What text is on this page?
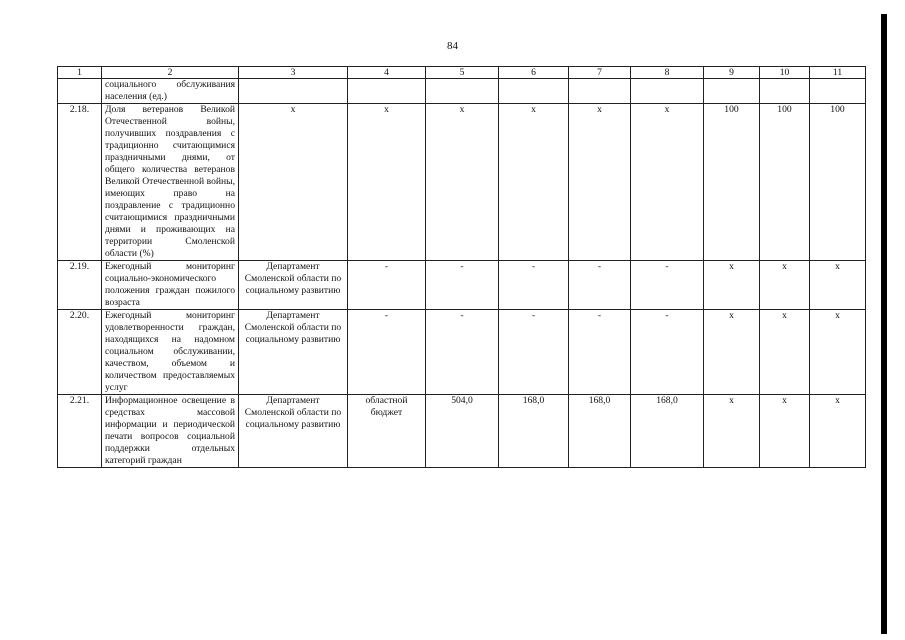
84
1	2	3	4	5	6	7	8	9	10	11
	социального обслуживания населения (ед.)									
2.18.	Доля ветеранов Великой Отечественной войны, получивших поздравления с традиционно считающимися праздничными днями, от общего количества ветеранов Великой Отечественной войны, имеющих право на поздравление с традиционно считающимися праздничными днями и проживающих на территории Смоленской области (%)	х	х	х	х	х	х	100	100	100
2.19.	Ежегодный мониторинг социально-экономического положения граждан пожилого возраста	Департамент Смоленской области по социальному развитию	-	-	-	-	-	х	х	х
2.20.	Ежегодный мониторинг удовлетворенности граждан, находящихся на надомном социальном обслуживании, качеством, объемом и количеством предоставляемых услуг	Департамент Смоленской области по социальному развитию	-	-	-	-	-	х	х	х
2.21.	Информационное освещение в средствах массовой информации и периодической печати вопросов социальной поддержки отдельных категорий граждан	Департамент Смоленской области по социальному развитию	областной бюджет	504,0	168,0	168,0	168,0	х	х	х
